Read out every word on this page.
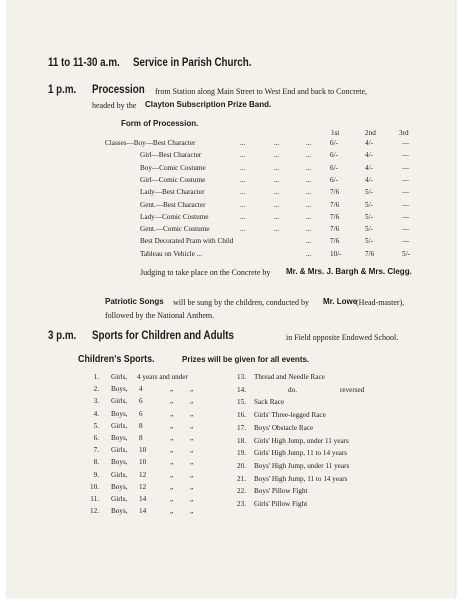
11 to 11-30 a.m. Service in Parish Church.
1 p.m. Procession from Station along Main Street to West End and back to Concrete,
headed by the Clayton Subscription Prize Band.
Form of Procession.
1st	2nd	3rd
Classes—Boy—Best Character	...	...	...	6/-	4/-	—
Girl—Best Character	...	...	...	6/-	4/-	—
Boy—Comic Costume	...	...	...	6/-	4/-	—
Girl—Comic Costume	...	...	...	6/-	4/-	—
Lady—Best Character	...	...	...	7/6	5/-	—
Gent.—Best Character	...	...	...	7/6	5/-	—
Lady—Comic Costume	...	...	...	7/6	5/-	—
Gent.—Comic Costume	...	...	...	7/6	5/-	—
Best Decorated Pram with Child	...	7/6	5/-	—
Tableau on Vehicle ...	...	10/-	7/6	5/-
Judging to take place on the Concrete by Mr. & Mrs. J. Bargh & Mrs. Clegg.
Patriotic Songs will be sung by the children, conducted by Mr. Lowe
(Head-master),
followed by the National Anthem.
3 p.m. Sports for Children and Adults	in Field opposite Endowed School.
Children's Sports.	Prizes will be given for all events.
1. Girls, 4 years and under
2. Boys, 4	„ „
3. Girls, 6	„ „
4. Boys, 6	„ „
5. Girls, 8	„ „
6. Boys, 8	„ „
7. Girls, 10	„ „
8. Boys, 10	„ „
9. Girls, 12	„ „
10. Boys, 12	„ „
11. Girls, 14	„ „
12. Boys, 14	„ „
13. Thread and Needle Race
14.	do.	reversed
15. Sack Race
16. Girls' Three-legged Race
17. Boys' Obstacle Race
18. Girls' High Jump, under 11 years
19. Girls' High Jump, 11 to 14 years
20. Boys' High Jump, under 11 years
21. Boys' High Jump, 11 to 14 years
22. Boys' Pillow Fight
23. Girls' Pillow Fight
